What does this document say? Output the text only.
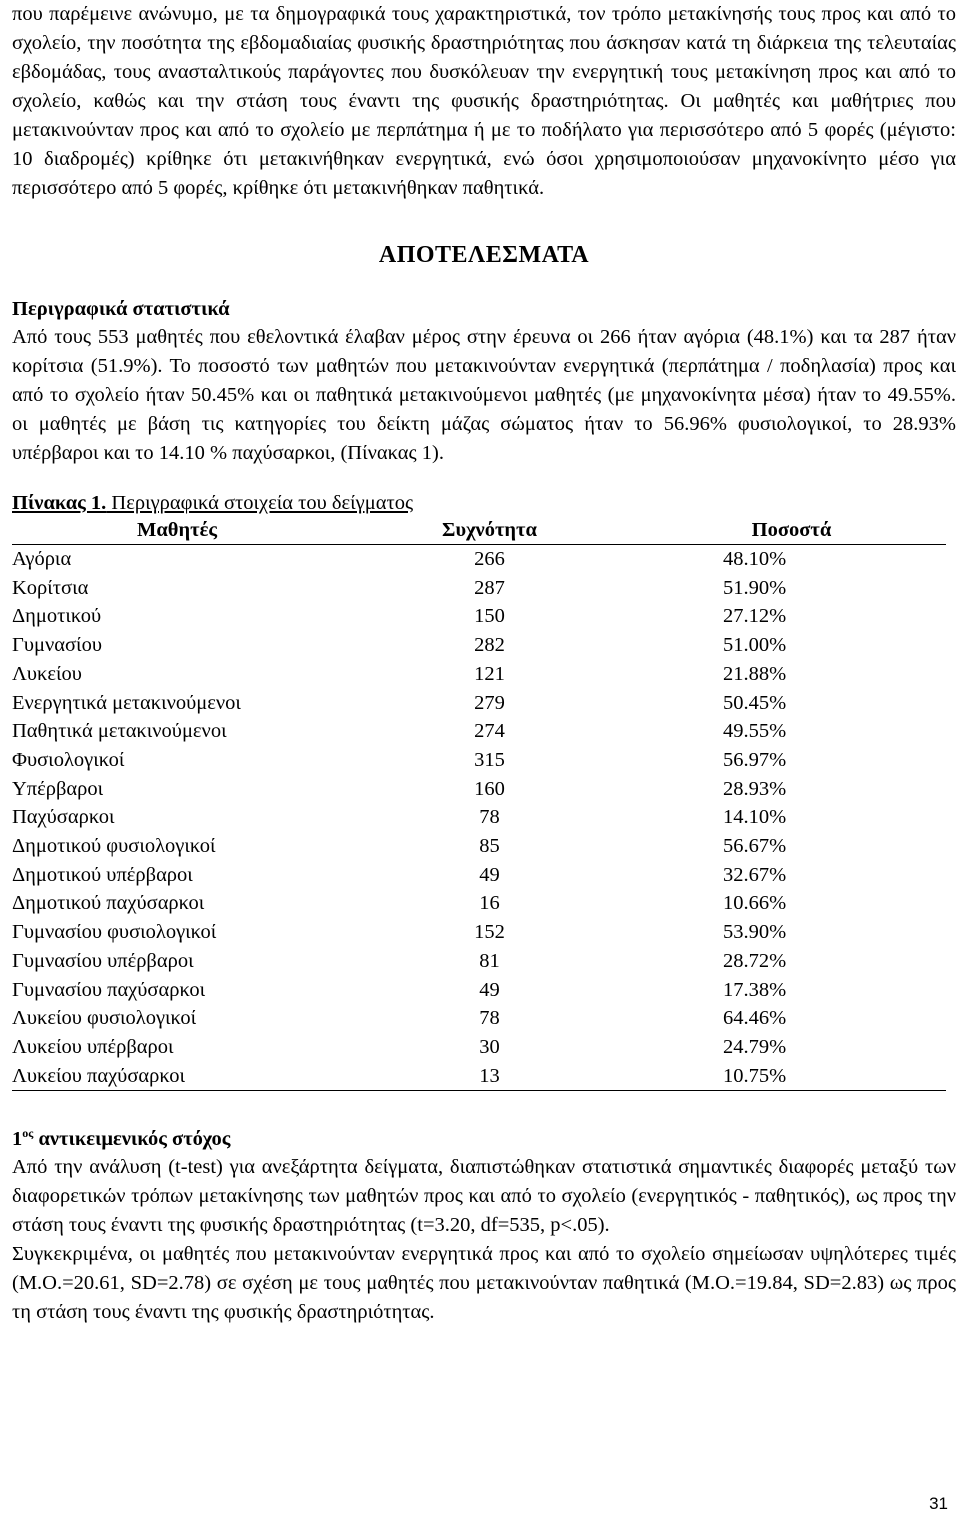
που παρέμεινε ανώνυμο, με τα δημογραφικά τους χαρακτηριστικά, τον τρόπο μετακίνησής τους προς και από το σχολείο, την ποσότητα της εβδομαδιαίας φυσικής δραστηριότητας που άσκησαν κατά τη διάρκεια της τελευταίας εβδομάδας, τους ανασταλτικούς παράγοντες που δυσκόλευαν την ενεργητική τους μετακίνηση προς και από το σχολείο, καθώς και την στάση τους έναντι της φυσικής δραστηριότητας. Οι μαθητές και μαθήτριες που μετακινούνταν προς και από το σχολείο με περπάτημα ή με το ποδήλατο για περισσότερο από 5 φορές (μέγιστο: 10 διαδρομές) κρίθηκε ότι μετακινήθηκαν ενεργητικά, ενώ όσοι χρησιμοποιούσαν μηχανοκίνητο μέσο για περισσότερο από 5 φορές, κρίθηκε ότι μετακινήθηκαν παθητικά.

ΑΠΟΤΕΛΕΣΜΑΤΑ
Περιγραφικά στατιστικά

Από τους 553 μαθητές που εθελοντικά έλαβαν μέρος στην έρευνα οι 266 ήταν αγόρια (48.1%) και τα 287 ήταν κορίτσια (51.9%). Το ποσοστό των μαθητών που μετακινούνταν ενεργητικά (περπάτημα / ποδηλασία) προς και από το σχολείο ήταν 50.45% και οι παθητικά μετακινούμενοι μαθητές (με μηχανοκίνητα μέσα) ήταν το 49.55%. οι μαθητές με βάση τις κατηγορίες του δείκτη μάζας σώματος ήταν το 56.96% φυσιολογικοί, το 28.93% υπέρβαροι και το 14.10 % παχύσαρκοι, (Πίνακας 1).

Πίνακας 1. Περιγραφικά στοιχεία του δείγματος
Μαθητές	Συχνότητα	Ποσοστά
Αγόρια	266	48.10%
Κορίτσια	287	51.90%
Δημοτικού	150	27.12%
Γυμνασίου	282	51.00%
Λυκείου	121	21.88%
Ενεργητικά μετακινούμενοι	279	50.45%
Παθητικά μετακινούμενοι	274	49.55%
Φυσιολογικοί	315	56.97%
Υπέρβαροι	160	28.93%
Παχύσαρκοι	78	14.10%
Δημοτικού φυσιολογικοί	85	56.67%
Δημοτικού υπέρβαροι	49	32.67%
Δημοτικού παχύσαρκοι	16	10.66%
Γυμνασίου φυσιολογικοί	152	53.90%
Γυμνασίου υπέρβαροι	81	28.72%
Γυμνασίου παχύσαρκοι	49	17.38%
Λυκείου φυσιολογικοί	78	64.46%
Λυκείου υπέρβαροι	30	24.79%
Λυκείου παχύσαρκοι	13	10.75%
$1^{o\varsigma}$ αντικειμενικός στόχος

Από την ανάλυση (t-test) για ανεξάρτητα δείγματα, διαπιστώθηκαν στατιστικά σημαντικές διαφορές μεταξύ των διαφορετικών τρόπων μετακίνησης των μαθητών προς και από το σχολείο (ενεργητικός - παθητικός), ως προς την στάση τους έναντι της φυσικής δραστηριότητας (t=3.20, df=535, p<.05).

Συγκεκριμένα, οι μαθητές που μετακινούνταν ενεργητικά προς και από το σχολείο σημείωσαν υψηλότερες τιμές (M.O.=20.61, SD=2.78) σε σχέση με τους μαθητές που μετακινούνταν παθητικά (M.O.=19.84, SD=2.83) ως προς τη στάση τους έναντι της φυσικής δραστηριότητας.

31
